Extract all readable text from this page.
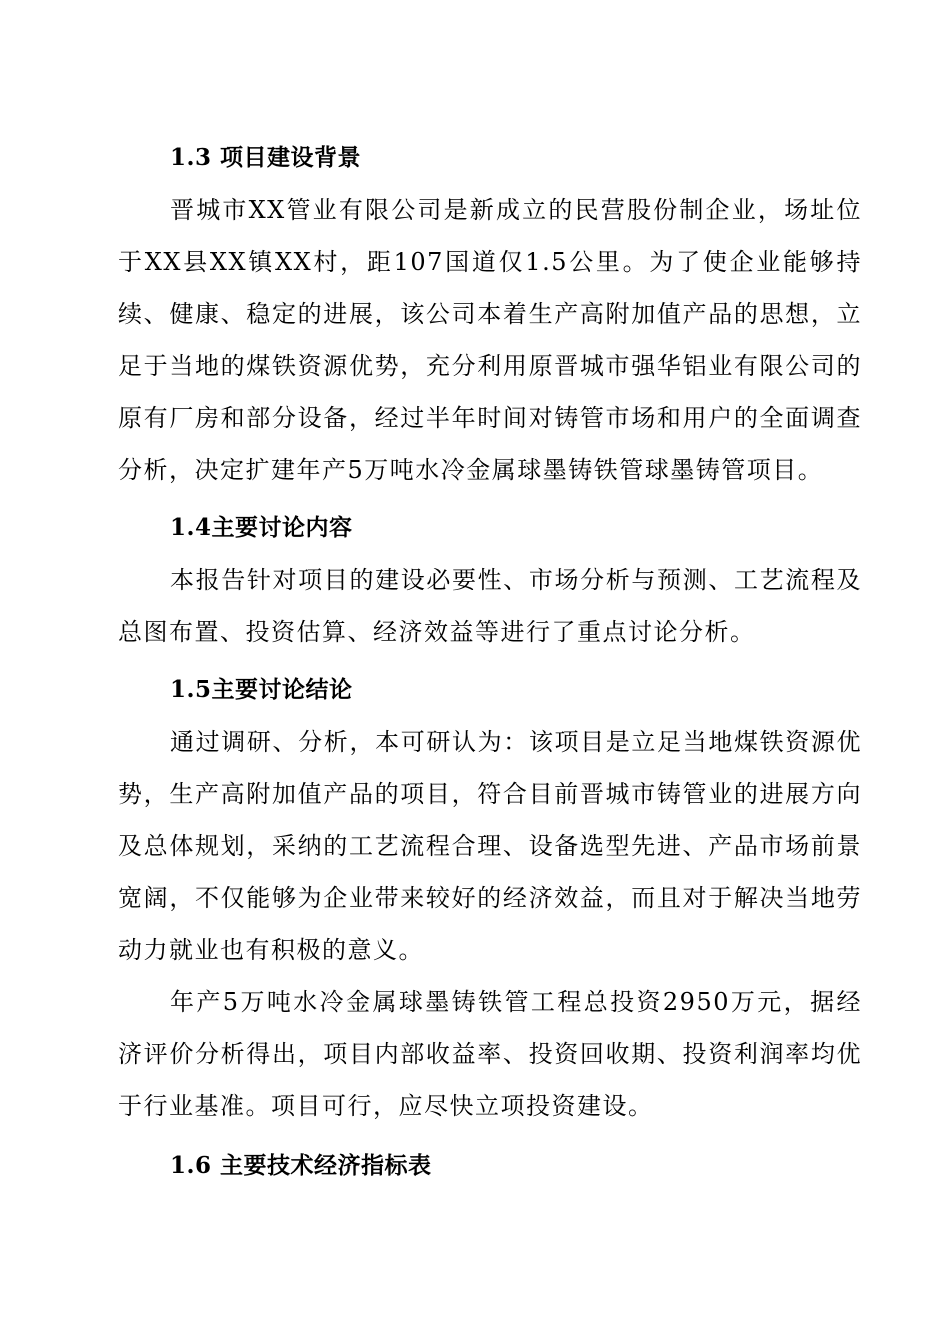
1.3 项目建设背景

晋城市XX管业有限公司是新成立的民营股份制企业，场址位于XX县XX镇XX村，距107国道仅1.5公里。为了使企业能够持续、健康、稳定的进展，该公司本着生产高附加值产品的思想，立足于当地的煤铁资源优势，充分利用原晋城市强华铝业有限公司的原有厂房和部分设备，经过半年时间对铸管市场和用户的全面调查分析，决定扩建年产5万吨水冷金属球墨铸铁管球墨铸管项目。

1.4主要讨论内容

本报告针对项目的建设必要性、市场分析与预测、工艺流程及总图布置、投资估算、经济效益等进行了重点讨论分析。

1.5主要讨论结论

通过调研、分析，本可研认为：该项目是立足当地煤铁资源优势，生产高附加值产品的项目，符合目前晋城市铸管业的进展方向及总体规划，采纳的工艺流程合理、设备选型先进、产品市场前景宽阔，不仅能够为企业带来较好的经济效益，而且对于解决当地劳动力就业也有积极的意义。

年产5万吨水冷金属球墨铸铁管工程总投资2950万元，据经济评价分析得出，项目内部收益率、投资回收期、投资利润率均优于行业基准。项目可行，应尽快立项投资建设。

1.6 主要技术经济指标表
